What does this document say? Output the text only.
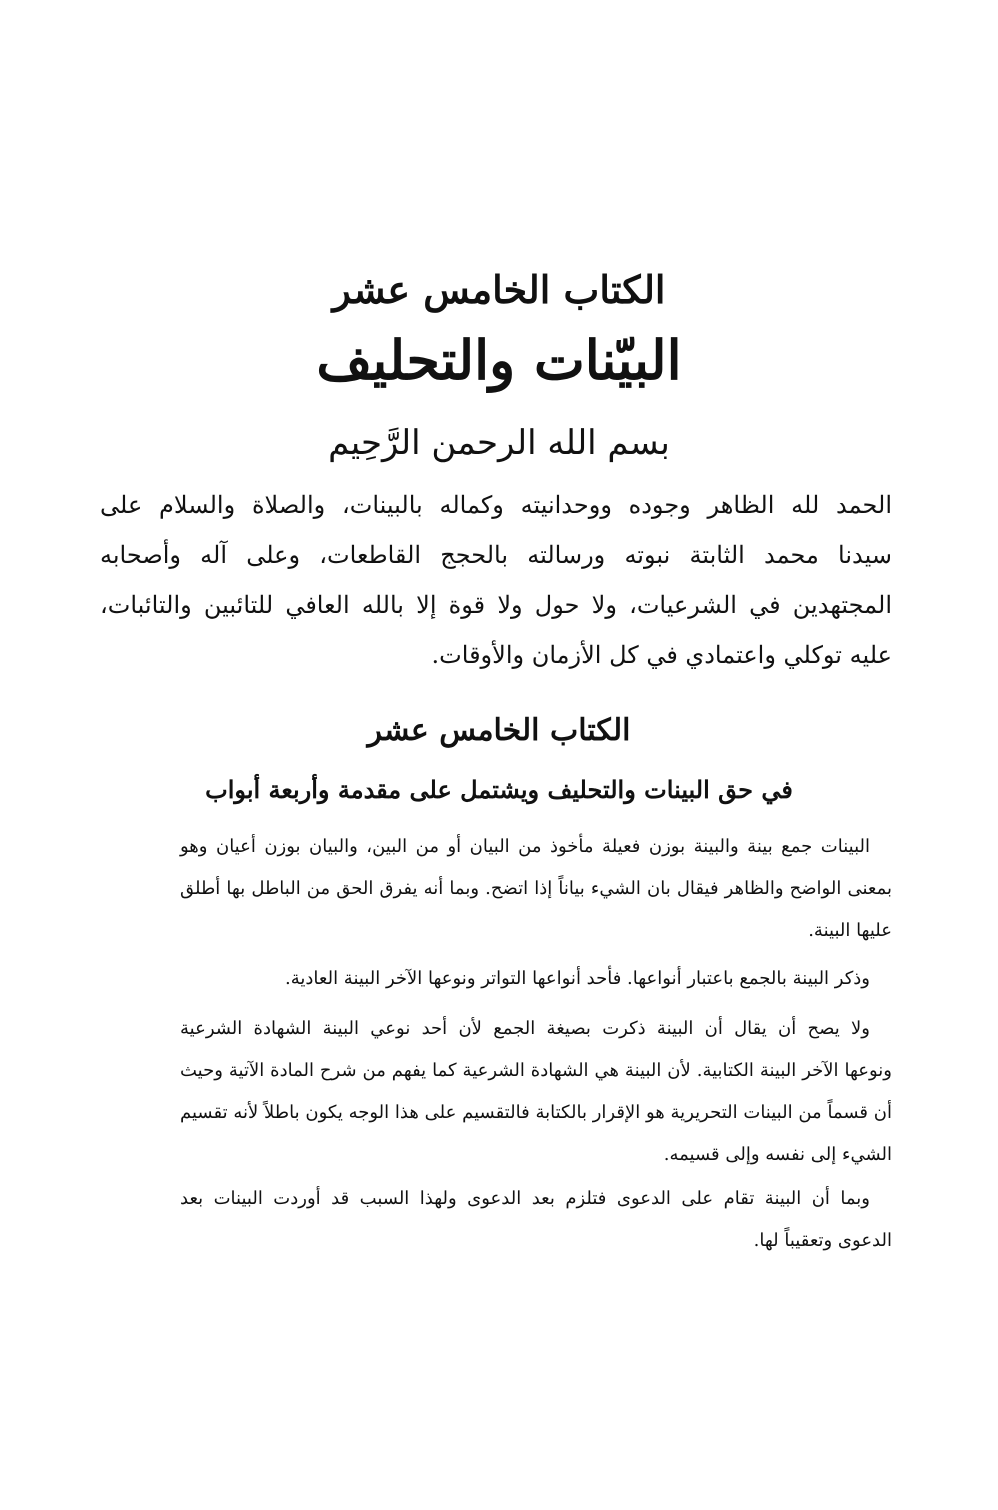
الكتاب الخامس عشر
البيّنات والتحليف
بسم الله الرحمن الرَّحِيم
الحمد لله الظاهر وجوده ووحدانيته وكماله بالبينات، والصلاة والسلام على
سيدنا محمد الثابتة نبوته ورسالته بالحجج القاطعات، وعلى آله وأصحابه
المجتهدين في الشرعيات، ولا حول ولا قوة إلا بالله العافي للتائبين والتائبات،
عليه توكلي واعتمادي في كل الأزمان والأوقات.
الكتاب الخامس عشر
في حق البينات والتحليف ويشتمل على مقدمة وأربعة أبواب
البينات جمع بينة والبينة بوزن فعيلة مأخوذ من البيان أو من البين، والبيان بوزن أعيان وهو
بمعنى الواضح والظاهر فيقال بان الشيء بياناً إذا اتضح. وبما أنه يفرق الحق من الباطل بها أطلق
عليها البينة.
وذكر البينة بالجمع باعتبار أنواعها. فأحد أنواعها التواتر ونوعها الآخر البينة العادية.
ولا يصح أن يقال أن البينة ذكرت بصيغة الجمع لأن أحد نوعي البينة الشهادة الشرعية
ونوعها الآخر البينة الكتابية. لأن البينة هي الشهادة الشرعية كما يفهم من شرح المادة الآتية وحيث
أن قسماً من البينات التحريرية هو الإقرار بالكتابة فالتقسيم على هذا الوجه يكون باطلاً لأنه تقسيم
الشيء إلى نفسه وإلى قسيمه.
وبما أن البينة تقام على الدعوى فتلزم بعد الدعوى ولهذا السبب قد أوردت البينات بعد
الدعوى وتعقيباً لها.
